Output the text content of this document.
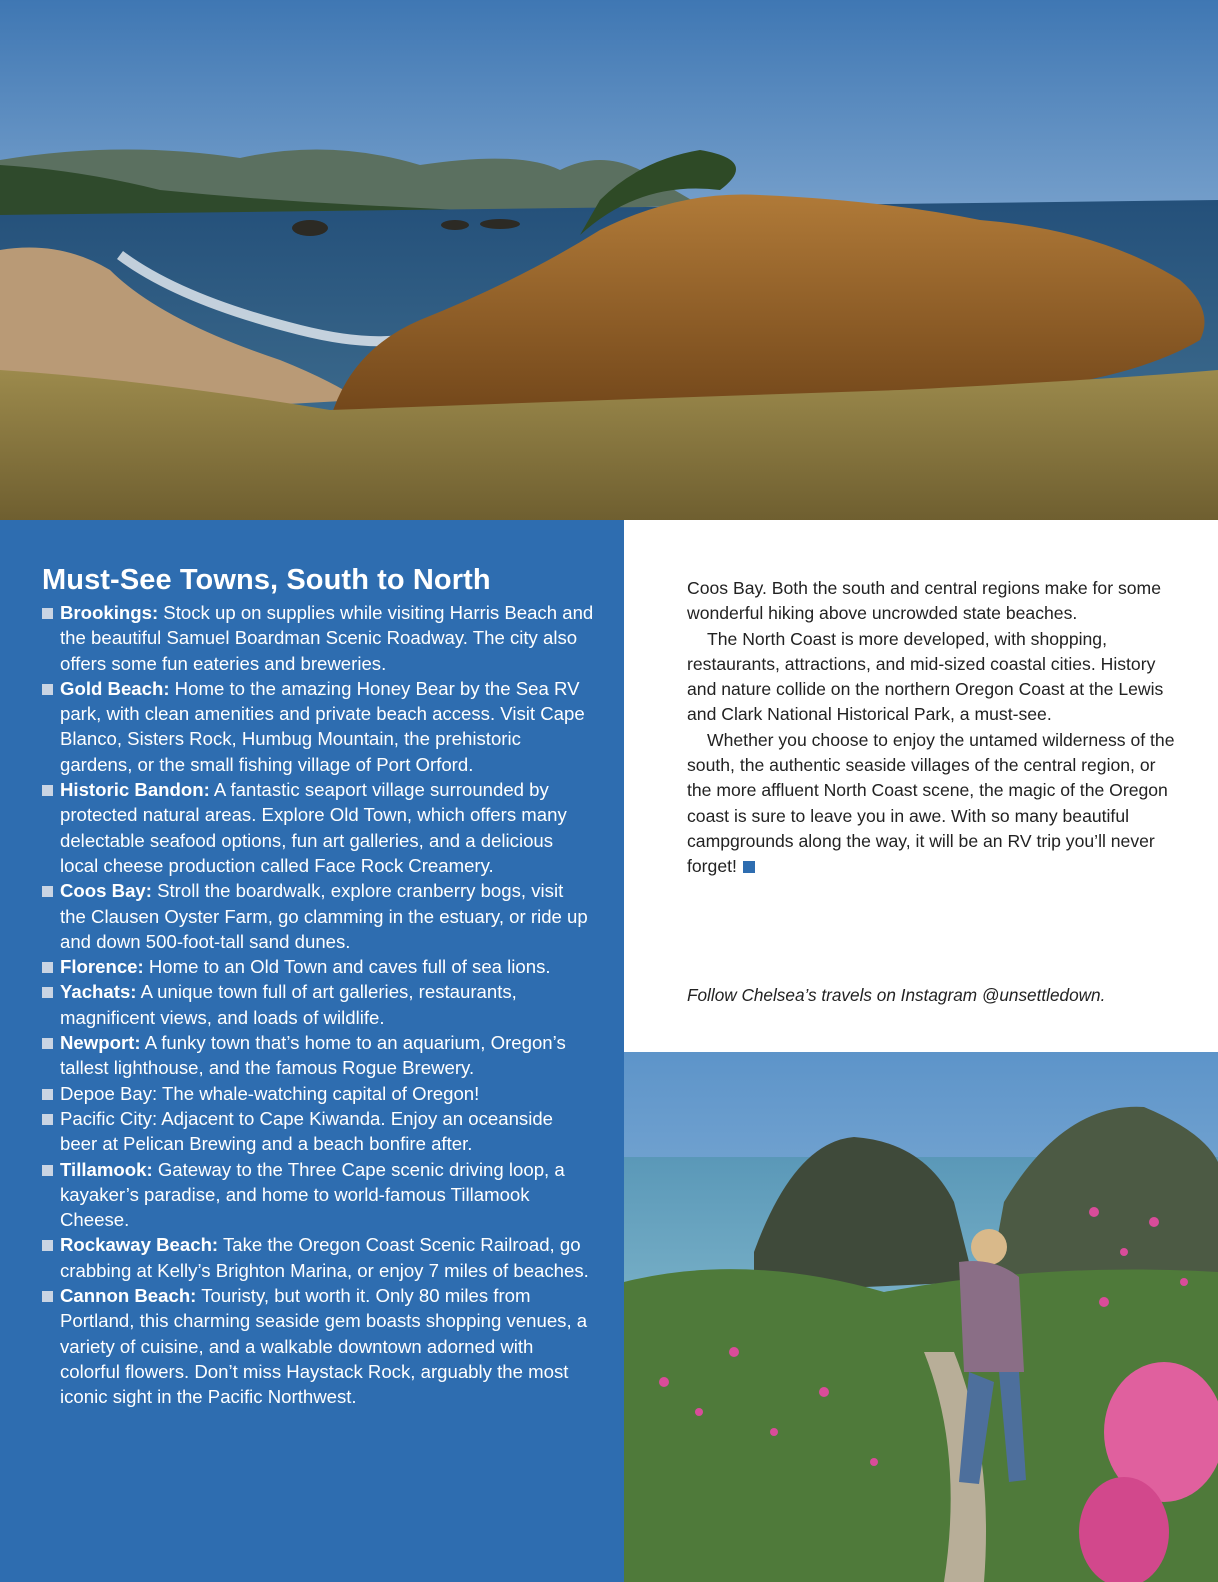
Must-See Towns, South to North
Brookings: Stock up on supplies while visiting Harris Beach and the beautiful Samuel Boardman Scenic Roadway. The city also offers some fun eateries and breweries.
Gold Beach: Home to the amazing Honey Bear by the Sea RV park, with clean amenities and private beach access. Visit Cape Blanco, Sisters Rock, Humbug Mountain, the prehistoric gardens, or the small fishing village of Port Orford.
Historic Bandon: A fantastic seaport village surrounded by protected natural areas. Explore Old Town, which offers many delectable seafood options, fun art galleries, and a delicious local cheese production called Face Rock Creamery.
Coos Bay: Stroll the boardwalk, explore cranberry bogs, visit the Clausen Oyster Farm, go clamming in the estuary, or ride up and down 500-foot-tall sand dunes.
Florence: Home to an Old Town and caves full of sea lions.
Yachats: A unique town full of art galleries, restaurants, magnificent views, and loads of wildlife.
Newport: A funky town that’s home to an aquarium, Oregon’s tallest lighthouse, and the famous Rogue Brewery.
Depoe Bay: The whale-watching capital of Oregon!
Pacific City: Adjacent to Cape Kiwanda. Enjoy an oceanside beer at Pelican Brewing and a beach bonfire after.
Tillamook: Gateway to the Three Cape scenic driving loop, a kayaker’s paradise, and home to world-famous Tillamook Cheese.
Rockaway Beach: Take the Oregon Coast Scenic Railroad, go crabbing at Kelly’s Brighton Marina, or enjoy 7 miles of beaches.
Cannon Beach: Touristy, but worth it. Only 80 miles from Portland, this charming seaside gem boasts shopping venues, a variety of cuisine, and a walkable downtown adorned with colorful flowers. Don’t miss Haystack Rock, arguably the most iconic sight in the Pacific Northwest.

Coos Bay. Both the south and central regions make for some wonderful hiking above uncrowded state beaches.

The North Coast is more developed, with shopping, restaurants, attractions, and mid-sized coastal cities. History and nature collide on the northern Oregon Coast at the Lewis and Clark National Historical Park, a must-see.

Whether you choose to enjoy the untamed wilderness of the south, the authentic seaside villages of the central region, or the more affluent North Coast scene, the magic of the Oregon coast is sure to leave you in awe. With so many beautiful campgrounds along the way, it will be an RV trip you’ll never forget!

Follow Chelsea’s travels on Instagram @unsettledown.
